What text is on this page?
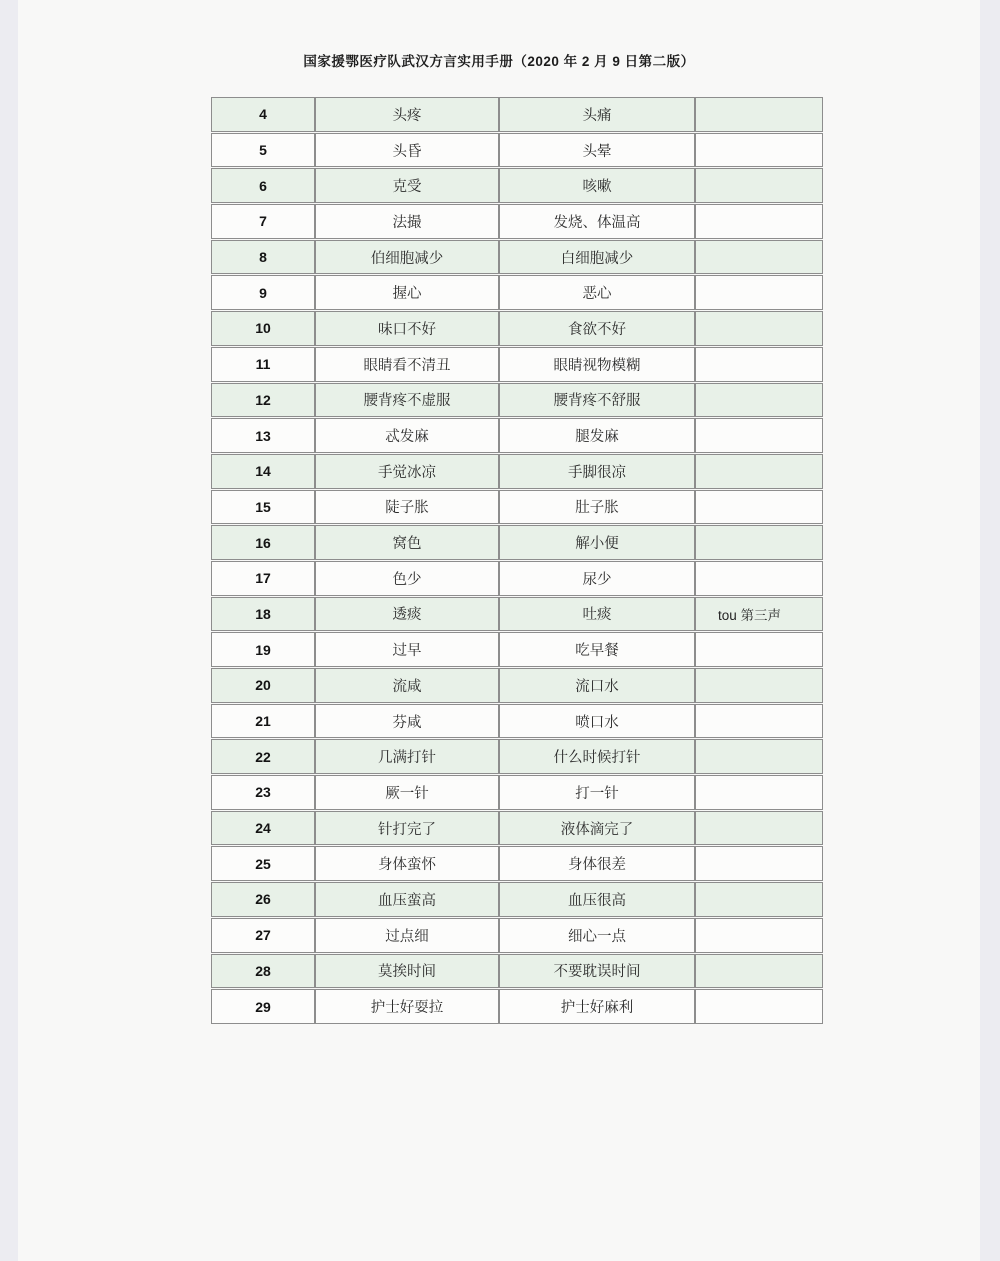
国家援鄂医疗队武汉方言实用手册（2020 年 2 月 9 日第二版）
4	头疼	头痛	
5	头昏	头晕	
6	克受	咳嗽	
7	法撮	发烧、体温高	
8	伯细胞减少	白细胞减少	
9	握心	恶心	
10	味口不好	食欲不好	
11	眼睛看不清丑	眼睛视物模糊	
12	腰背疼不虚服	腰背疼不舒服	
13	忒发麻	腿发麻	
14	手觉冰凉	手脚很凉	
15	陡子胀	肚子胀	
16	窝色	解小便	
17	色少	尿少	
18	透痰	吐痰	tou 第三声
19	过早	吃早餐	
20	流咸	流口水	
21	芬咸	喷口水	
22	几满打针	什么时候打针	
23	厥一针	打一针	
24	针打完了	液体滴完了	
25	身体蛮怀	身体很差	
26	血压蛮高	血压很高	
27	过点细	细心一点	
28	莫挨时间	不要耽误时间	
29	护士好耍拉	护士好麻利	
